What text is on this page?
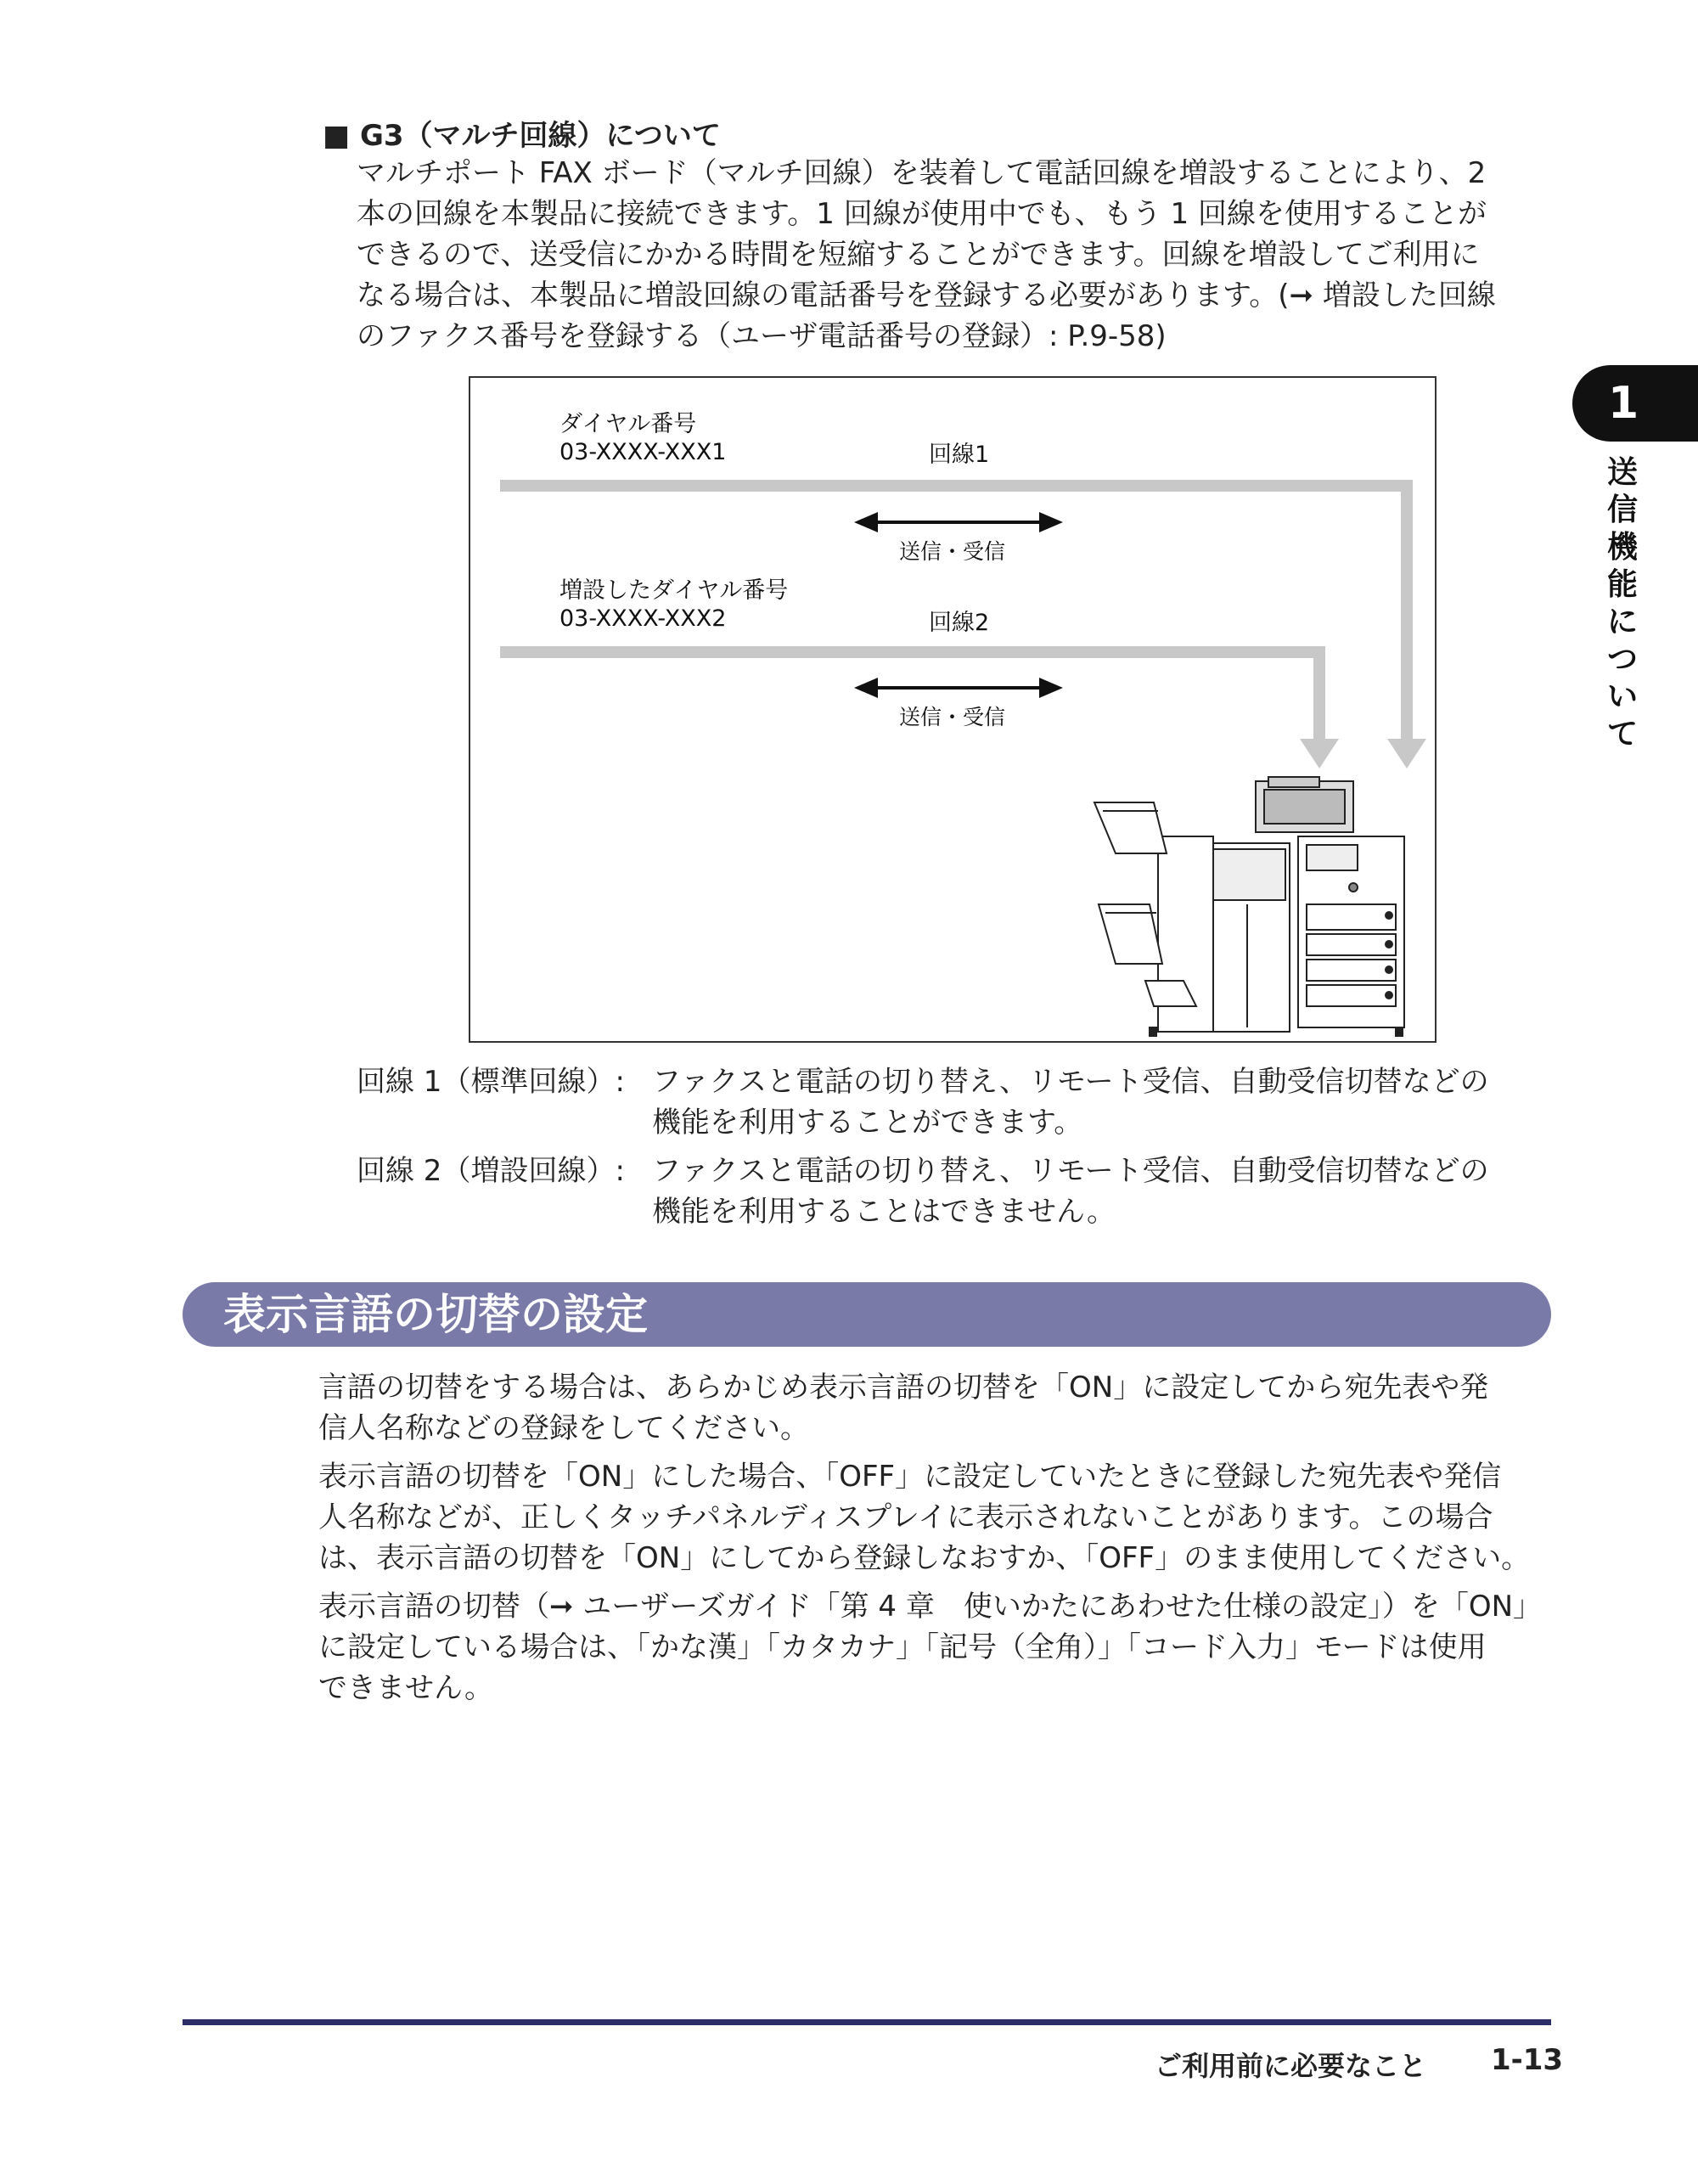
■ G3（マルチ回線）について

マルチポート FAX ボード（マルチ回線）を装着して電話回線を増設することにより、2

本の回線を本製品に接続できます。1 回線が使用中でも、もう 1 回線を使用することが

できるので、送受信にかかる時間を短縮することができます。回線を増設してご利用に

なる場合は、本製品に増設回線の電話番号を登録する必要があります。(➞ 増設した回線

のファクス番号を登録する（ユーザ電話番号の登録）: P.9-58)

ダイヤル番号
03-XXXX-XXX1	回線1
送信・受信
増設したダイヤル番号
03-XXXX-XXX2	回線2
送信・受信
回線 1（標準回線）: ファクスと電話の切り替え、リモート受信、自動受信切替などの
機能を利用することができます。
回線 2（増設回線）: ファクスと電話の切り替え、リモート受信、自動受信切替などの
機能を利用することはできません。
表示言語の切替の設定

言語の切替をする場合は、あらかじめ表示言語の切替を「ON」に設定してから宛先表や発

信人名称などの登録をしてください。

表示言語の切替を「ON」にした場合、「OFF」に設定していたときに登録した宛先表や発信

人名称などが、正しくタッチパネルディスプレイに表示されないことがあります。この場合

は、表示言語の切替を「ON」にしてから登録しなおすか、「OFF」のまま使用してください。

表示言語の切替（➞ ユーザーズガイド「第 4 章　使いかたにあわせた仕様の設定」）を「ON」

に設定している場合は、「かな漢」「カタカナ」「記号（全角）」「コード入力」モードは使用

できません。

1
送信機能について
ご利用前に必要なこと 1-13
